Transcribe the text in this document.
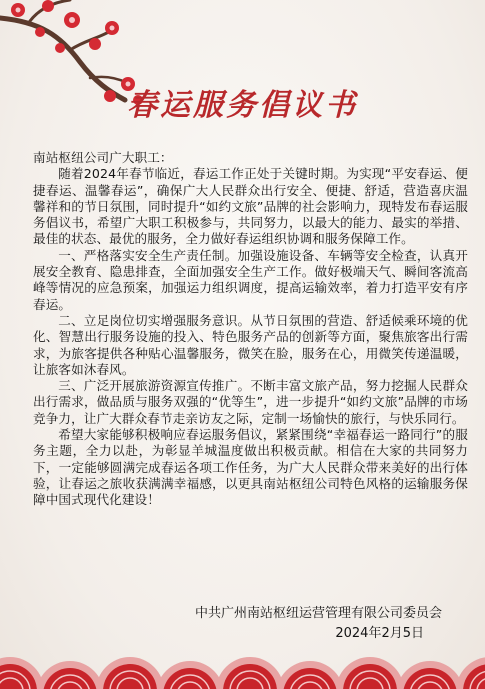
春运服务倡议书

南站枢纽公司广大职工：

随着2024年春节临近，春运工作正处于关键时期。为实现“平安春运、便捷春运、温馨春运”，确保广大人民群众出行安全、便捷、舒适，营造喜庆温馨祥和的节日氛围，同时提升“如约文旅”品牌的社会影响力，现特发布春运服务倡议书，希望广大职工积极参与，共同努力，以最大的能力、最实的举措、最佳的状态、最优的服务，全力做好春运组织协调和服务保障工作。

一、严格落实安全生产责任制。加强设施设备、车辆等安全检查，认真开展安全教育、隐患排查，全面加强安全生产工作。做好极端天气、瞬间客流高峰等情况的应急预案，加强运力组织调度，提高运输效率，着力打造平安有序春运。

二、立足岗位切实增强服务意识。从节日氛围的营造、舒适候乘环境的优化、智慧出行服务设施的投入、特色服务产品的创新等方面，聚焦旅客出行需求，为旅客提供各种贴心温馨服务，微笑在脸，服务在心，用微笑传递温暖，让旅客如沐春风。

三、广泛开展旅游资源宣传推广。不断丰富文旅产品，努力挖掘人民群众出行需求，做品质与服务双强的“优等生”，进一步提升“如约文旅”品牌的市场竞争力，让广大群众春节走亲访友之际，定制一场愉快的旅行，与快乐同行。

希望大家能够积极响应春运服务倡议，紧紧围绕“幸福春运一路同行”的服务主题，全力以赴，为彰显羊城温度做出积极贡献。相信在大家的共同努力下，一定能够圆满完成春运各项工作任务，为广大人民群众带来美好的出行体验，让春运之旅收获满满幸福感，以更具南站枢纽公司特色风格的运输服务保障中国式现代化建设！

中共广州南站枢纽运营管理有限公司委员会
2024年2月5日
